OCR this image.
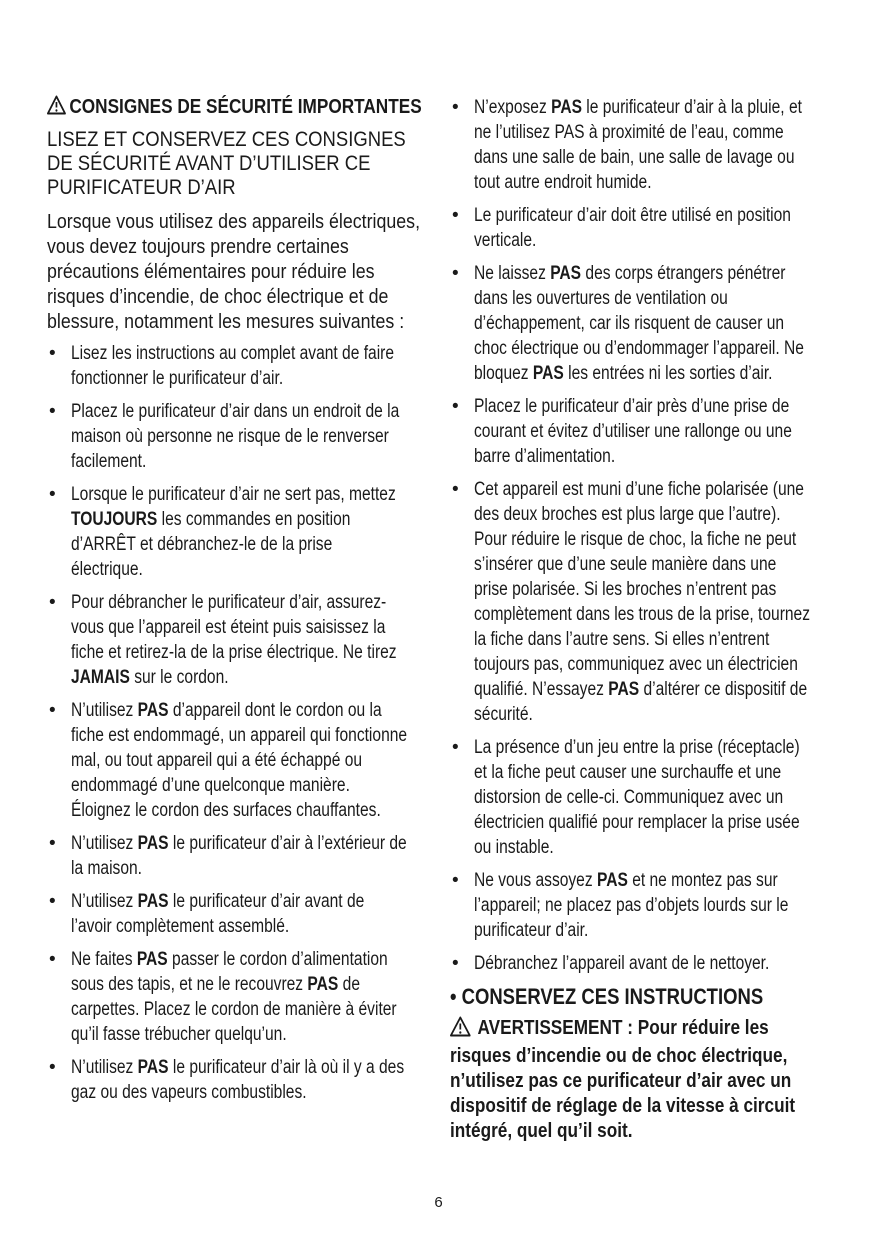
CONSIGNES DE SÉCURITÉ IMPORTANTES
LISEZ ET CONSERVEZ CES CONSIGNES DE SÉCURITÉ AVANT D’UTILISER CE PURIFICATEUR D’AIR
Lorsque vous utilisez des appareils électriques, vous devez toujours prendre certaines précautions élémentaires pour réduire les risques d’incendie, de choc électrique et de blessure, notamment les mesures suivantes :
• Lisez les instructions au complet avant de faire fonctionner le purificateur d’air.
• Placez le purificateur d’air dans un endroit de la maison où personne ne risque de le renverser facilement.
• Lorsque le purificateur d’air ne sert pas, mettez TOUJOURS les commandes en position d’ARRÊT et débranchez-le de la prise électrique.
• Pour débrancher le purificateur d’air, assurez-vous que l’appareil est éteint puis saisissez la fiche et retirez-la de la prise électrique. Ne tirez JAMAIS sur le cordon.
• N’utilisez PAS d’appareil dont le cordon ou la fiche est endommagé, un appareil qui fonctionne mal, ou tout appareil qui a été échappé ou endommagé d’une quelconque manière. Éloignez le cordon des surfaces chauffantes.
• N’utilisez PAS le purificateur d’air à l’extérieur de la maison.
• N’utilisez PAS le purificateur d’air avant de l’avoir complètement assemblé.
• Ne faites PAS passer le cordon d’alimentation sous des tapis, et ne le recouvrez PAS de carpettes. Placez le cordon de manière à éviter qu’il fasse trébucher quelqu’un.
• N’utilisez PAS le purificateur d’air là où il y a des gaz ou des vapeurs combustibles.
• N’exposez PAS le purificateur d’air à la pluie, et ne l’utilisez PAS à proximité de l’eau, comme dans une salle de bain, une salle de lavage ou tout autre endroit humide.
• Le purificateur d’air doit être utilisé en position verticale.
• Ne laissez PAS des corps étrangers pénétrer dans les ouvertures de ventilation ou d’échappement, car ils risquent de causer un choc électrique ou d’endommager l’appareil. Ne bloquez PAS les entrées ni les sorties d’air.
• Placez le purificateur d’air près d’une prise de courant et évitez d’utiliser une rallonge ou une barre d’alimentation.
• Cet appareil est muni d’une fiche polarisée (une des deux broches est plus large que l’autre). Pour réduire le risque de choc, la fiche ne peut s’insérer que d’une seule manière dans une prise polarisée. Si les broches n’entrent pas complètement dans les trous de la prise, tournez la fiche dans l’autre sens. Si elles n’entrent toujours pas, communiquez avec un électricien qualifié. N’essayez PAS d’altérer ce dispositif de sécurité.
• La présence d’un jeu entre la prise (réceptacle) et la fiche peut causer une surchauffe et une distorsion de celle-ci. Communiquez avec un électricien qualifié pour remplacer la prise usée ou instable.
• Ne vous assoyez PAS et ne montez pas sur l’appareil; ne placez pas d’objets lourds sur le purificateur d’air.
• Débranchez l’appareil avant de le nettoyer.
• CONSERVEZ CES INSTRUCTIONS
AVERTISSEMENT : Pour réduire les risques d’incendie ou de choc électrique, n’utilisez pas ce purificateur d’air avec un dispositif de réglage de la vitesse à circuit intégré, quel qu’il soit.
6
